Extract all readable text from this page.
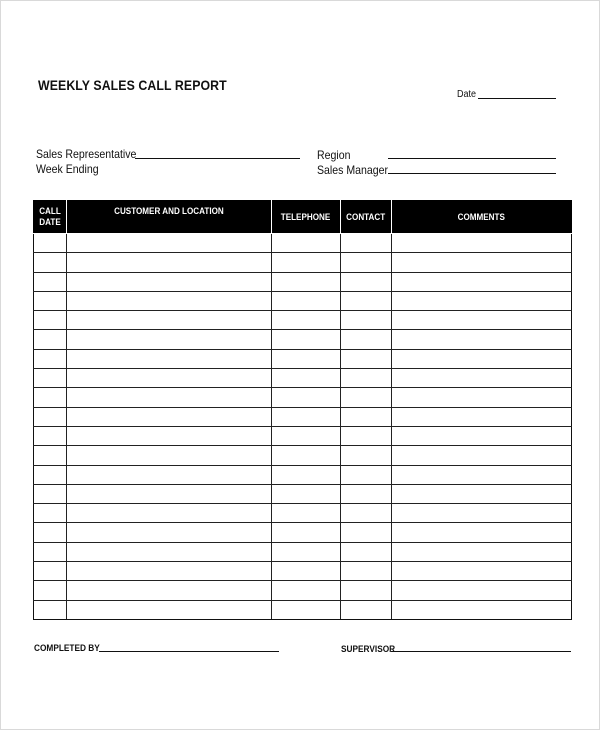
WEEKLY SALES CALL REPORT
Date
Sales Representative
Week Ending
Region
Sales Manager
CALL
DATE	CUSTOMER AND LOCATION	TELEPHONE	CONTACT	COMMENTS

COMPLETED BY	SUPERVISOR
